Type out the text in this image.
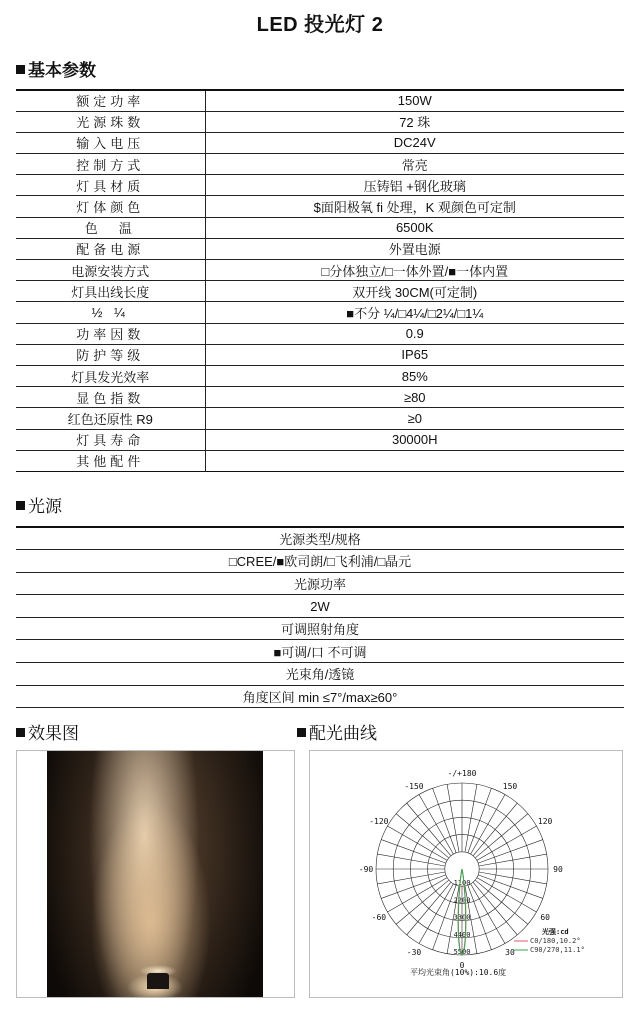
LED 投光灯 2
基本参数
额定功率	150W
光源珠数	72 珠
输入电压	DC24V
控制方式	常亮
灯具材质	压铸铝 +钢化玻璃
灯体颜色	$面阳极氧 fi 处理，K 观颜色可定制
色　温	6500K
配备电源	外置电源
电源安装方式	□分体独立/□一体外置/■一体内置
灯具出线长度	双开线 30CM(可定制)
½ ¼	■不分 ¼/□4¼/□2¼/□1¼
功率因数	0.9
防护等级	IP65
灯具发光效率	85%
显色指数	≥80
红色还原性 R9	≥0
灯具寿命	30000H
其他配件	
光源
光源类型/规格
□CREE/■欧司朗/□飞利浦/□晶元
光源功率
2W
可调照射角度
■可调/口 不可调
光束角/透镜
角度区间 min ≤7°/max≥60°
效果图	配光曲线
-/+180
-150	150
-120	120
-90	90
-60	60
-30	30
0
1100
2200
3300
4400
5500
光强:cd
C0/180,10.2°
C90/270,11.1°
平均光束角(10%):10.6度
